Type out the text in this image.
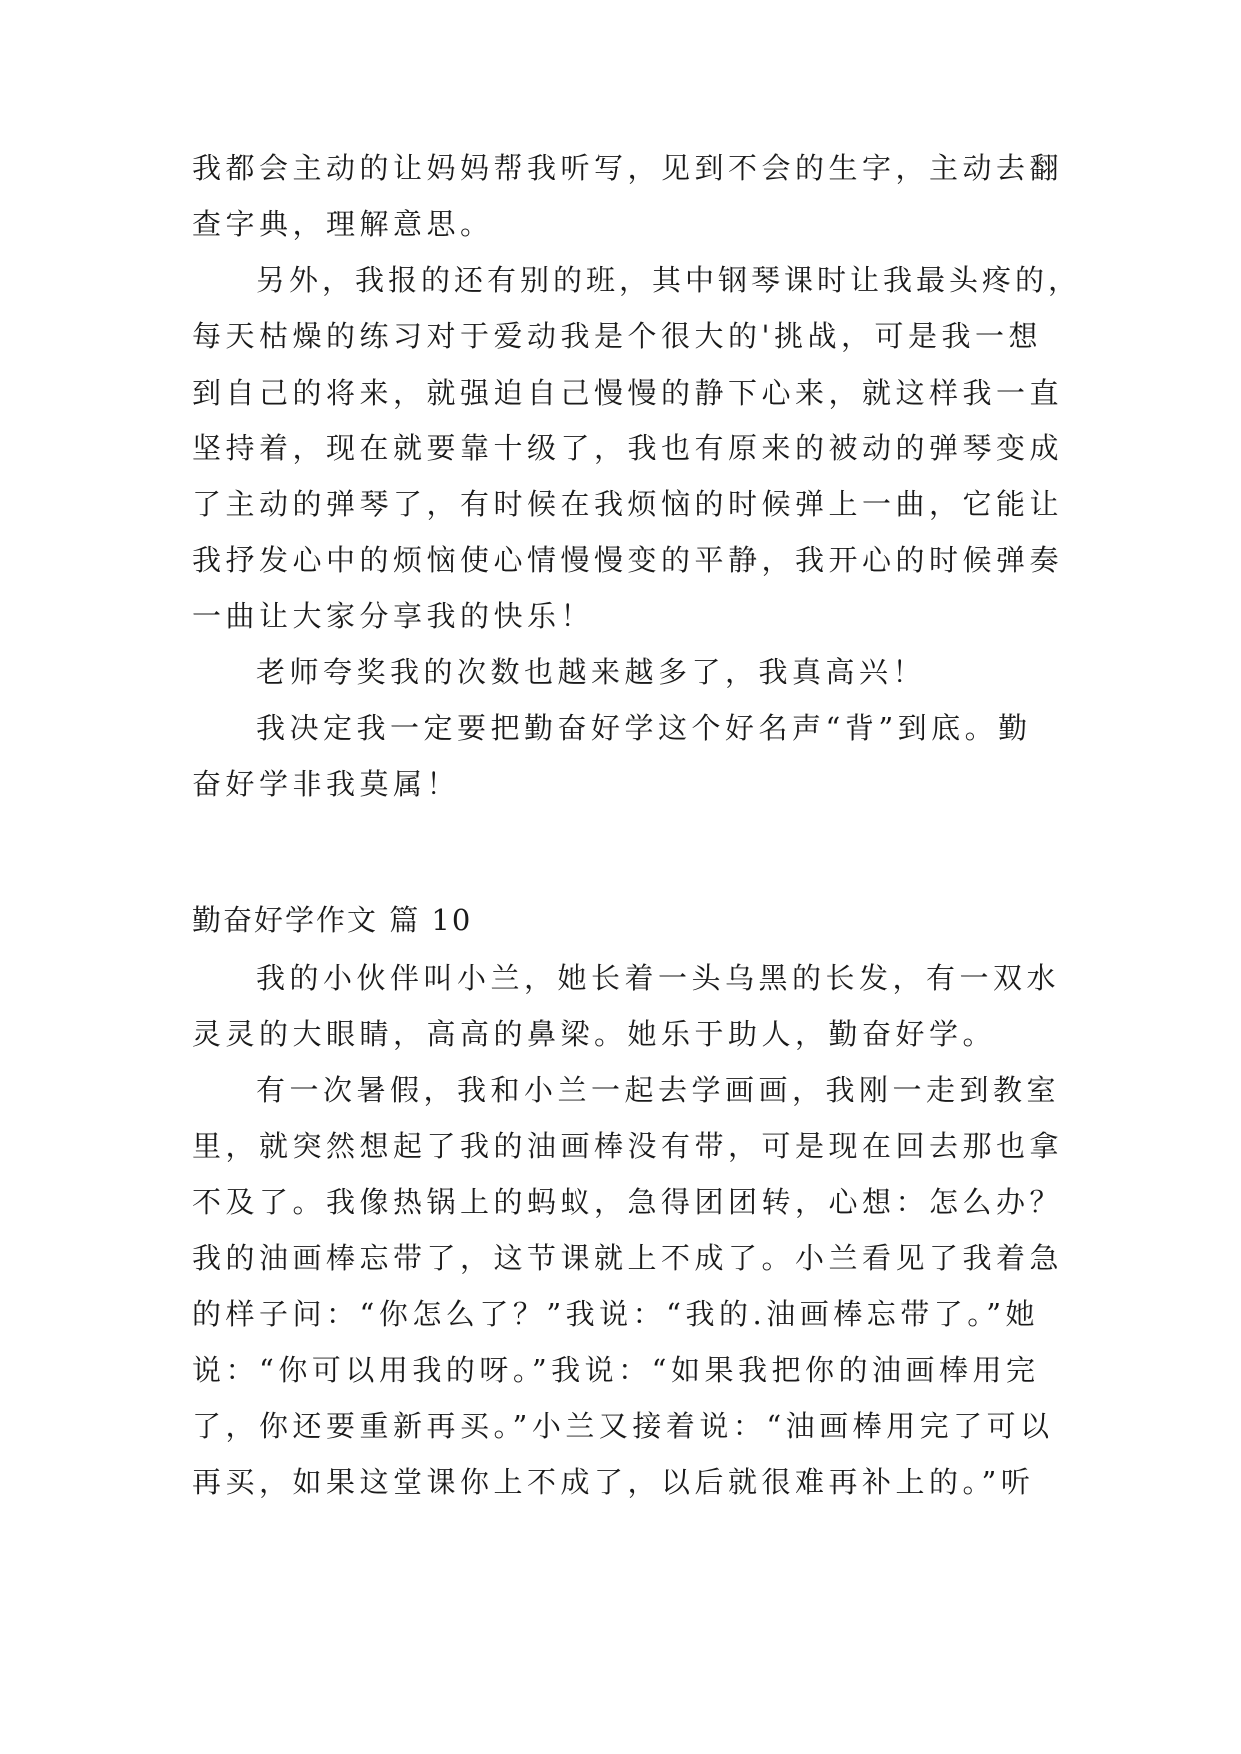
我都会主动的让妈妈帮我听写，见到不会的生字，主动去翻
查字典，理解意思。
另外，我报的还有别的班，其中钢琴课时让我最头疼的，
每天枯燥的练习对于爱动我是个很大的'挑战，可是我一想
到自己的将来，就强迫自己慢慢的静下心来，就这样我一直
坚持着，现在就要靠十级了，我也有原来的被动的弹琴变成
了主动的弹琴了，有时候在我烦恼的时候弹上一曲，它能让
我抒发心中的烦恼使心情慢慢变的平静，我开心的时候弹奏
一曲让大家分享我的快乐！
老师夸奖我的次数也越来越多了，我真高兴！
我决定我一定要把勤奋好学这个好名声“背”到底。勤
奋好学非我莫属！
勤奋好学作文 篇 10
我的小伙伴叫小兰，她长着一头乌黑的长发，有一双水
灵灵的大眼睛，高高的鼻梁。她乐于助人，勤奋好学。
有一次暑假，我和小兰一起去学画画，我刚一走到教室
里，就突然想起了我的油画棒没有带，可是现在回去那也拿
不及了。我像热锅上的蚂蚁，急得团团转，心想：怎么办？
我的油画棒忘带了，这节课就上不成了。小兰看见了我着急
的样子问：“你怎么了？”我说：“我的.油画棒忘带了。”她
说：“你可以用我的呀。”我说：“如果我把你的油画棒用完
了，你还要重新再买。”小兰又接着说：“油画棒用完了可以
再买，如果这堂课你上不成了，以后就很难再补上的。”听
